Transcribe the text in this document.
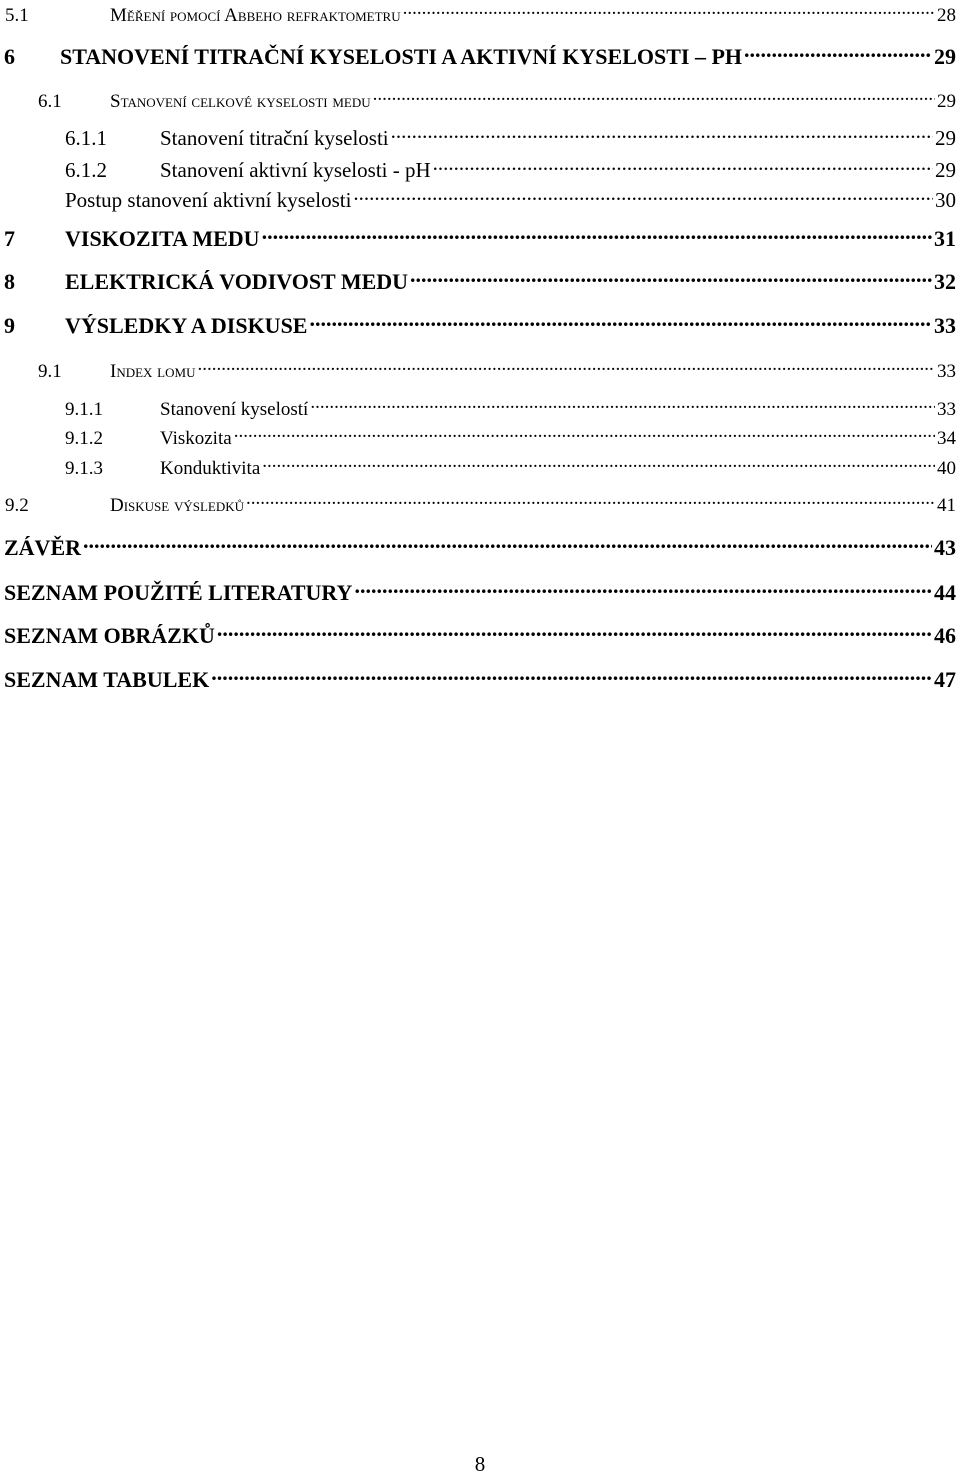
5.1	Měření pomocí Abbeho refraktometru .....	28
6	STANOVENÍ TITRAČNÍ KYSELOSTI A AKTIVNÍ KYSELOSTI – PH .....	29
6.1	Stanovení celkové kyselosti medu .....	29
6.1.1	Stanovení titrační kyselosti .....	29
6.1.2	Stanovení aktivní kyselosti - pH .....	29
Postup stanovení aktivní kyselosti .....	30
7	VISKOZITA MEDU .....	31
8	ELEKTRICKÁ VODIVOST MEDU .....	32
9	VÝSLEDKY A DISKUSE .....	33
9.1	Index lomu .....	33
9.1.1	Stanovení kyselostí .....	33
9.1.2	Viskozita .....	34
9.1.3	Konduktivita .....	40
9.2	Diskuse výsledků .....	41
ZÁVĚR .....	43
SEZNAM POUŽITÉ LITERATURY .....	44
SEZNAM OBRÁZKŮ .....	46
SEZNAM TABULEK .....	47
8
